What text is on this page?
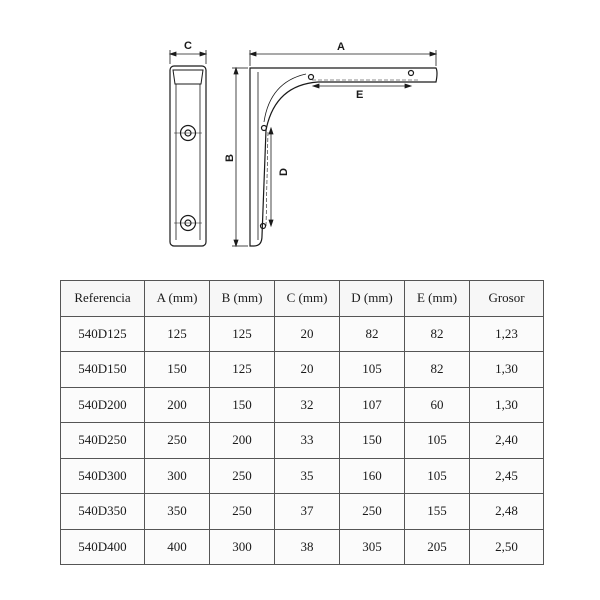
C	A
E
B
D
Referencia	A (mm)	B (mm)	C (mm)	D (mm)	E (mm)	Grosor
540D125	125	125	20	82	82	1,23
540D150	150	125	20	105	82	1,30
540D200	200	150	32	107	60	1,30
540D250	250	200	33	150	105	2,40
540D300	300	250	35	160	105	2,45
540D350	350	250	37	250	155	2,48
540D400	400	300	38	305	205	2,50
